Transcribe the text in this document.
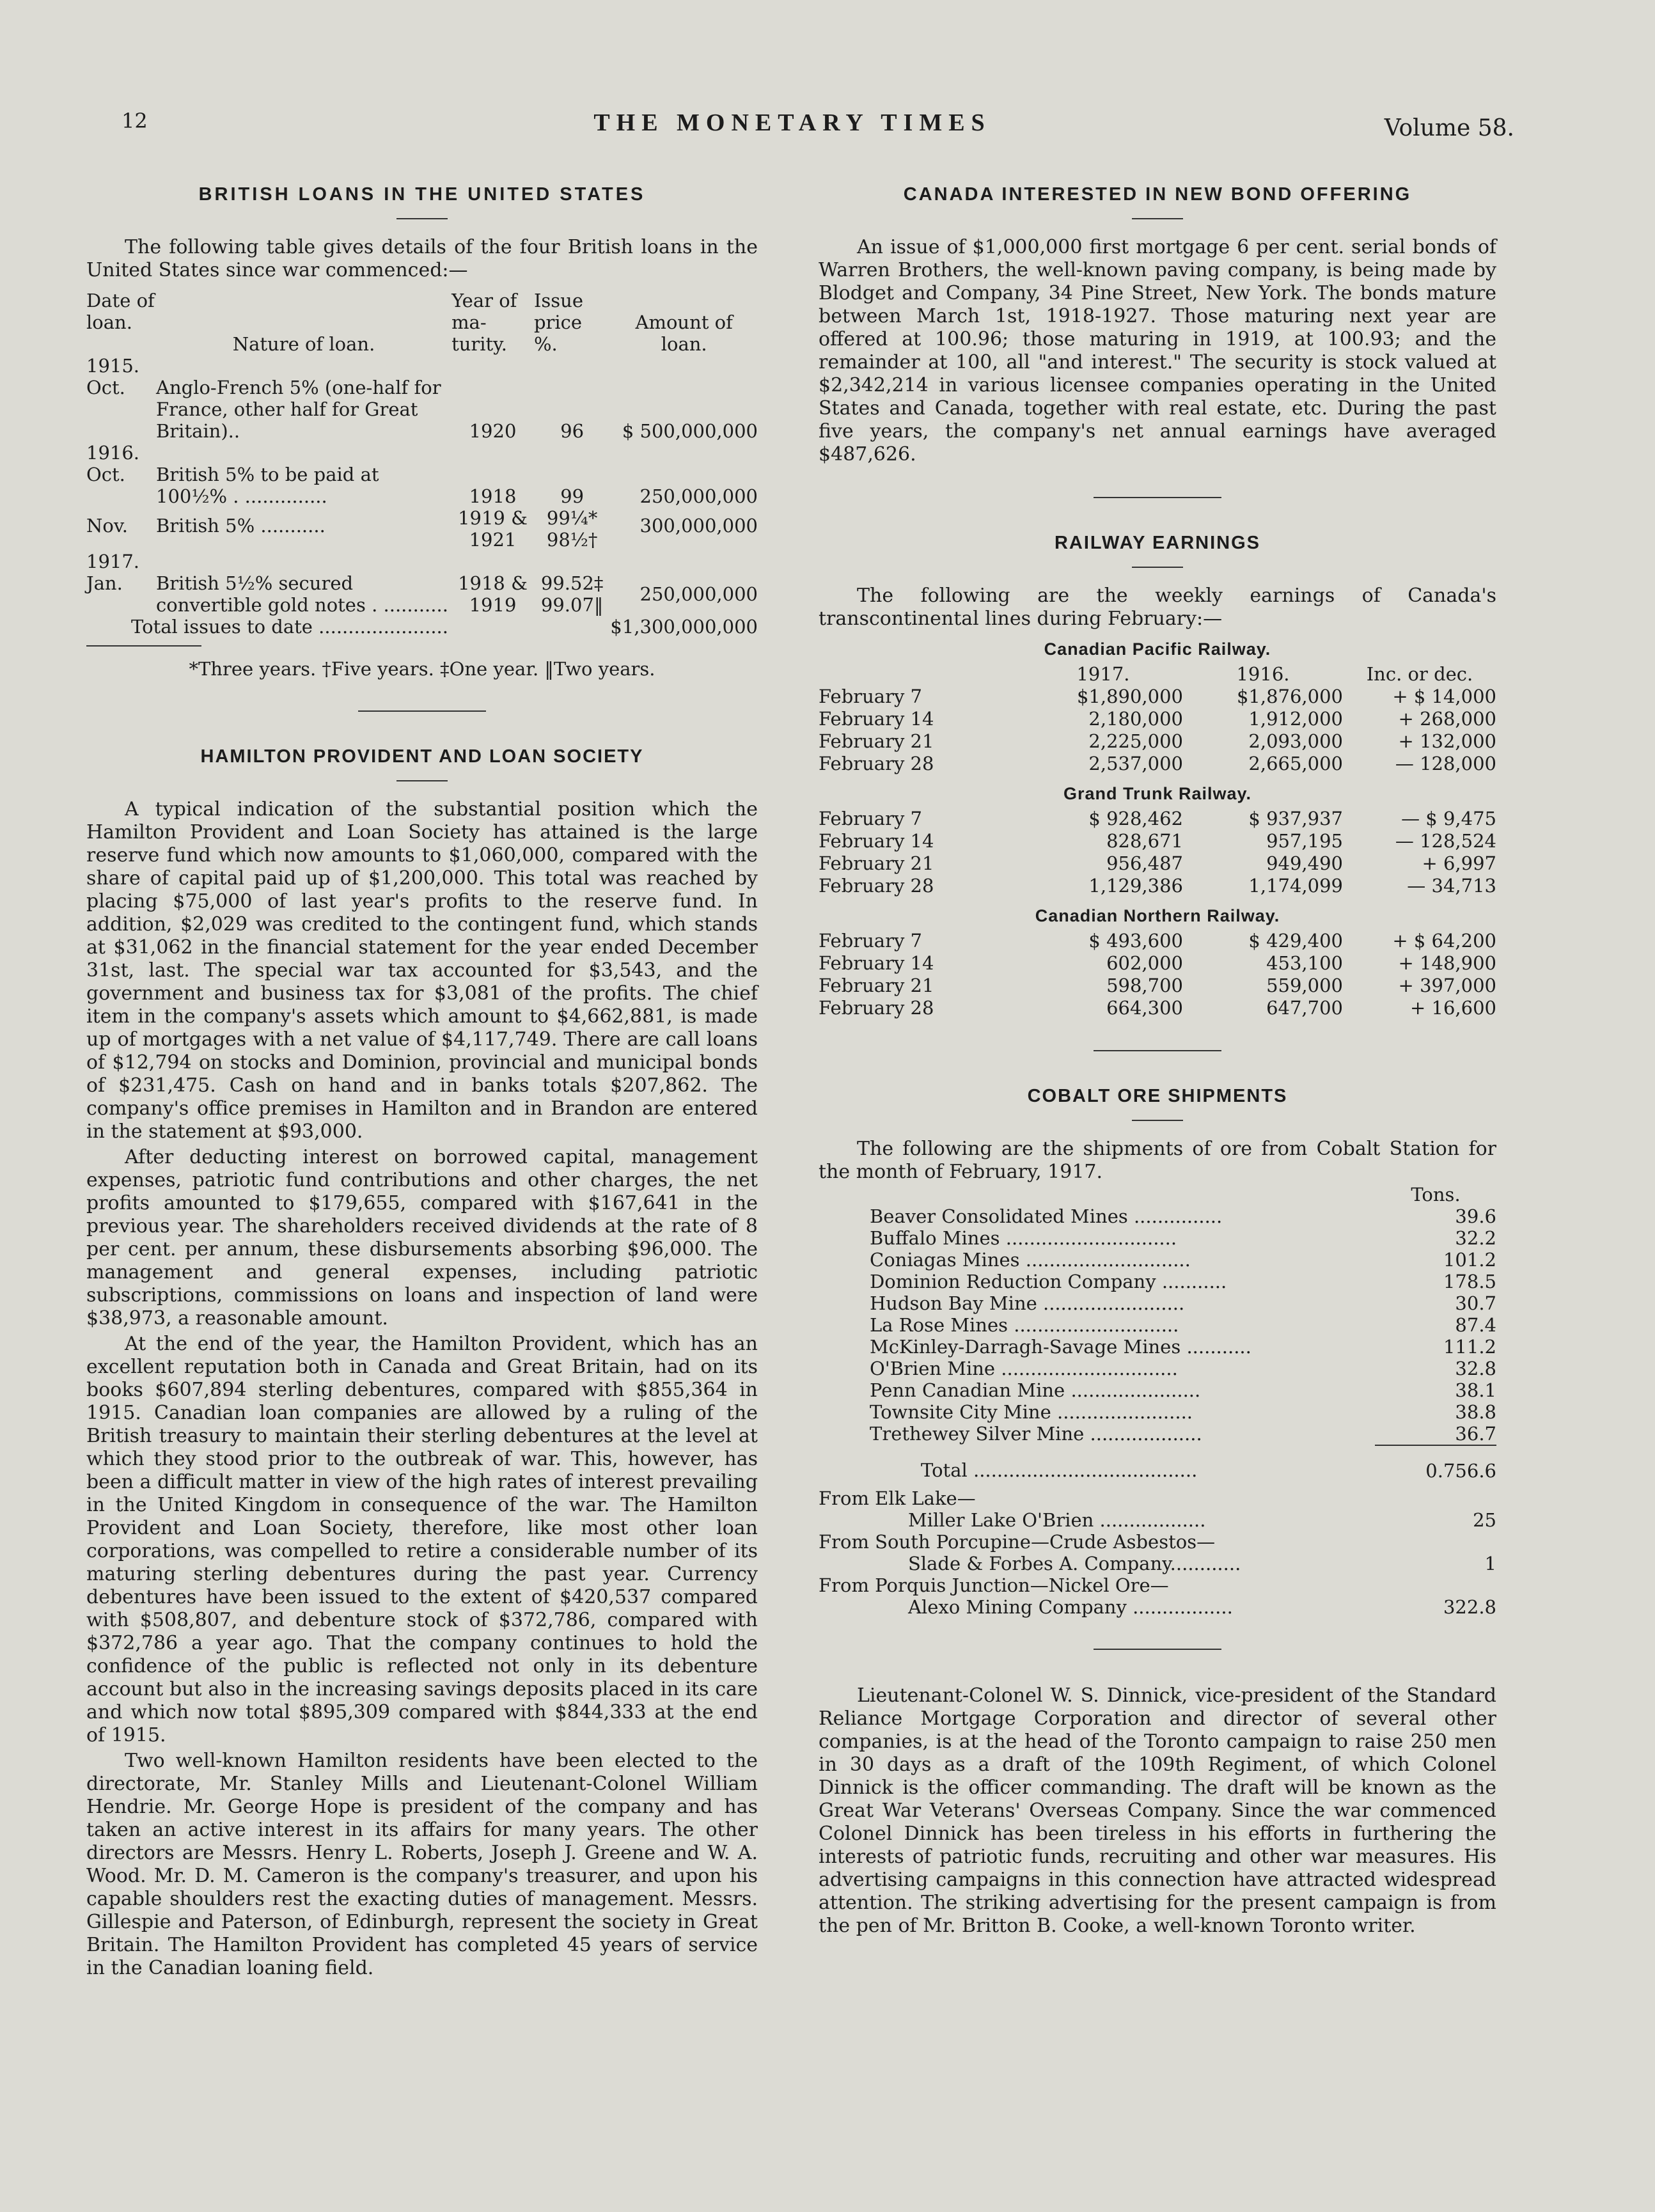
12	THE MONETARY TIMES	Volume 58.
BRITISH LOANS IN THE UNITED STATES

The following table gives details of the four British loans in the United States since war commenced:—

Date of loan.	Nature of loan.	Year of ma- turity.	Issue price %.	Amount of loan.
1915.				
Oct.	Anglo-French 5% (one-half for France, other half for Great Britain)..	1920	96	$ 500,000,000
1916.				
Oct.	British 5% to be paid at 100½% . ..............	1918	99	250,000,000
Nov.	British 5% ...........	1919 & 1921	99¼* 98½†	300,000,000
1917.				
Jan.	British 5½% secured convertible gold notes . ...........	1918 & 1919	99.52‡ 99.07‖	250,000,000
Total issues to date ......................				$1,300,000,000
*Three years. †Five years. ‡One year. ‖Two years.
HAMILTON PROVIDENT AND LOAN SOCIETY

A typical indication of the substantial position which the Hamilton Provident and Loan Society has attained is the large reserve fund which now amounts to $1,060,000, compared with the share of capital paid up of $1,200,000. This total was reached by placing $75,000 of last year's profits to the reserve fund. In addition, $2,029 was credited to the contingent fund, which stands at $31,062 in the financial statement for the year ended December 31st, last. The special war tax accounted for $3,543, and the government and business tax for $3,081 of the profits. The chief item in the company's assets which amount to $4,662,881, is made up of mortgages with a net value of $4,117,749. There are call loans of $12,794 on stocks and Dominion, provincial and municipal bonds of $231,475. Cash on hand and in banks totals $207,862. The company's office premises in Hamilton and in Brandon are entered in the statement at $93,000.

After deducting interest on borrowed capital, management expenses, patriotic fund contributions and other charges, the net profits amounted to $179,655, compared with $167,641 in the previous year. The shareholders received dividends at the rate of 8 per cent. per annum, these disbursements absorbing $96,000. The management and general expenses, including patriotic subscriptions, commissions on loans and inspection of land were $38,973, a reasonable amount.

At the end of the year, the Hamilton Provident, which has an excellent reputation both in Canada and Great Britain, had on its books $607,894 sterling debentures, compared with $855,364 in 1915. Canadian loan companies are allowed by a ruling of the British treasury to maintain their sterling debentures at the level at which they stood prior to the outbreak of war. This, however, has been a difficult matter in view of the high rates of interest prevailing in the United Kingdom in consequence of the war. The Hamilton Provident and Loan Society, therefore, like most other loan corporations, was compelled to retire a considerable number of its maturing sterling debentures during the past year. Currency debentures have been issued to the extent of $420,537 compared with $508,807, and debenture stock of $372,786, compared with $372,786 a year ago. That the company continues to hold the confidence of the public is reflected not only in its debenture account but also in the increasing savings deposits placed in its care and which now total $895,309 compared with $844,333 at the end of 1915.

Two well-known Hamilton residents have been elected to the directorate, Mr. Stanley Mills and Lieutenant-Colonel William Hendrie. Mr. George Hope is president of the company and has taken an active interest in its affairs for many years. The other directors are Messrs. Henry L. Roberts, Joseph J. Greene and W. A. Wood. Mr. D. M. Cameron is the company's treasurer, and upon his capable shoulders rest the exacting duties of management. Messrs. Gillespie and Paterson, of Edinburgh, represent the society in Great Britain. The Hamilton Provident has completed 45 years of service in the Canadian loaning field.

CANADA INTERESTED IN NEW BOND OFFERING

An issue of $1,000,000 first mortgage 6 per cent. serial bonds of Warren Brothers, the well-known paving company, is being made by Blodget and Company, 34 Pine Street, New York. The bonds mature between March 1st, 1918-1927. Those maturing next year are offered at 100.96; those maturing in 1919, at 100.93; and the remainder at 100, all "and interest." The security is stock valued at $2,342,214 in various licensee companies operating in the United States and Canada, together with real estate, etc. During the past five years, the company's net annual earnings have averaged $487,626.

RAILWAY EARNINGS

The following are the weekly earnings of Canada's transcontinental lines during February:—

Canadian Pacific Railway.
	1917.	1916.	Inc. or dec.
February 7	$1,890,000	$1,876,000	+ $ 14,000
February 14	2,180,000	1,912,000	+ 268,000
February 21	2,225,000	2,093,000	+ 132,000
February 28	2,537,000	2,665,000	— 128,000
Grand Trunk Railway.
February 7	$ 928,462	$ 937,937	— $ 9,475
February 14	828,671	957,195	— 128,524
February 21	956,487	949,490	+ 6,997
February 28	1,129,386	1,174,099	— 34,713
Canadian Northern Railway.
February 7	$ 493,600	$ 429,400	+ $ 64,200
February 14	602,000	453,100	+ 148,900
February 21	598,700	559,000	+ 397,000
February 28	664,300	647,700	+ 16,600
COBALT ORE SHIPMENTS

The following are the shipments of ore from Cobalt Station for the month of February, 1917.

		Tons.
	Beaver Consolidated Mines ...............	39.6
	Buffalo Mines .............................	32.2
	Coniagas Mines ............................	101.2
	Dominion Reduction Company ...........	178.5
	Hudson Bay Mine ........................	30.7
	La Rose Mines ............................	87.4
	McKinley-Darragh-Savage Mines ...........	111.2
	O'Brien Mine ..............................	32.8
	Penn Canadian Mine ......................	38.1
	Townsite City Mine .......................	38.8
	Trethewey Silver Mine ...................	36.7
	Total ......................................	0.756.6
From Elk Lake—		
	Miller Lake O'Brien ..................	25
From South Porcupine—Crude Asbestos—		
	Slade & Forbes A. Company............	1
From Porquis Junction—Nickel Ore—		
	Alexo Mining Company .................	322.8

Lieutenant-Colonel W. S. Dinnick, vice-president of the Standard Reliance Mortgage Corporation and director of several other companies, is at the head of the Toronto campaign to raise 250 men in 30 days as a draft of the 109th Regiment, of which Colonel Dinnick is the officer commanding. The draft will be known as the Great War Veterans' Overseas Company. Since the war commenced Colonel Dinnick has been tireless in his efforts in furthering the interests of patriotic funds, recruiting and other war measures. His advertising campaigns in this connection have attracted widespread attention. The striking advertising for the present campaign is from the pen of Mr. Britton B. Cooke, a well-known Toronto writer.
